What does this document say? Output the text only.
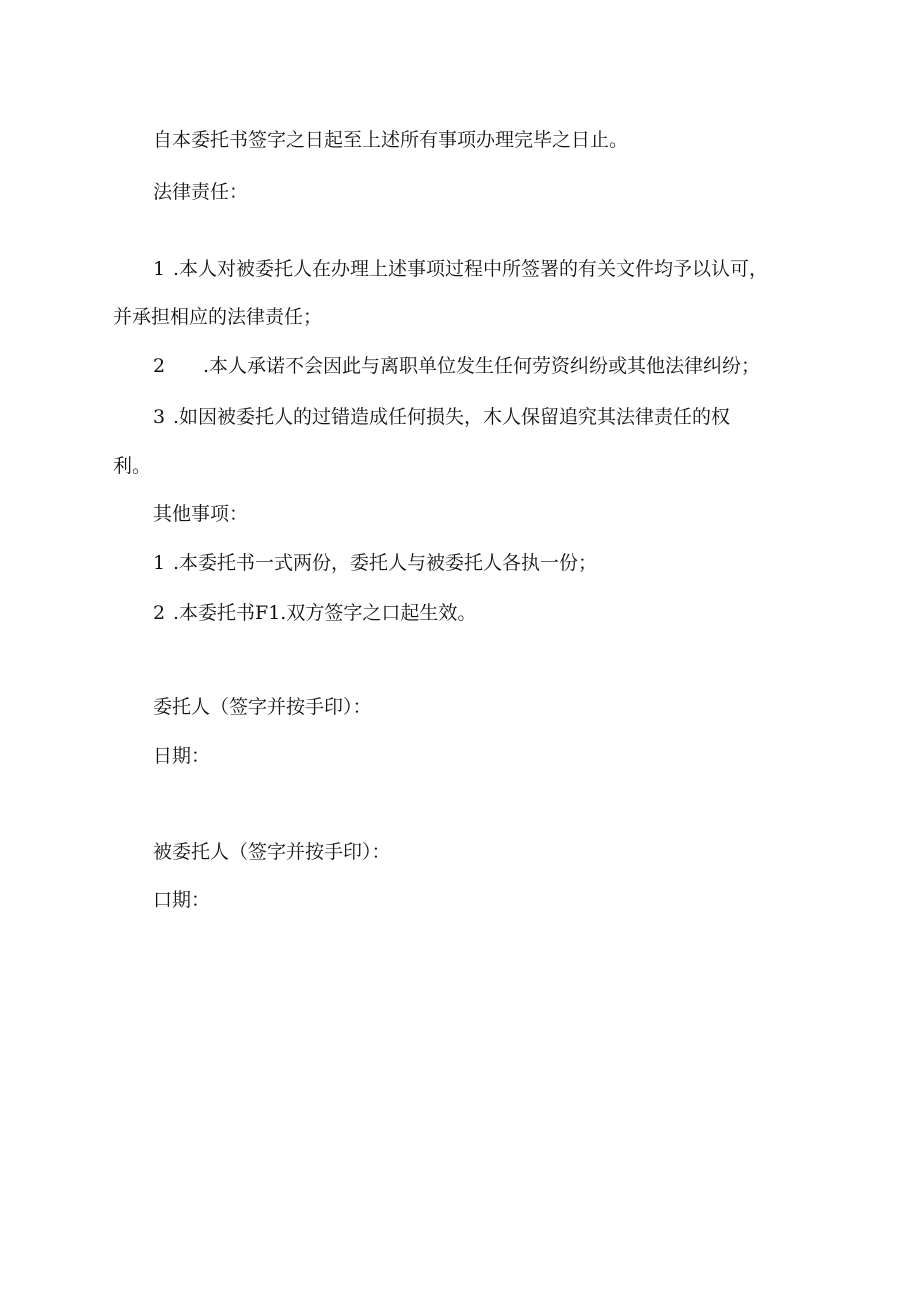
自本委托书签字之日起至上述所有事项办理完毕之日止。
法律责任：
1 .本人对被委托人在办理上述事项过程中所签署的有关文件均予以认可，
并承担相应的法律责任；
2 .本人承诺不会因此与离职单位发生任何劳资纠纷或其他法律纠纷；
3 .如因被委托人的过错造成任何损失，木人保留追究其法律责任的权
利。
其他事项：
1 .本委托书一式两份，委托人与被委托人各执一份；
2 .本委托书F1.双方签字之口起生效。
委托人（签字并按手印）：
日期：
被委托人（签字并按手印）：
口期：
